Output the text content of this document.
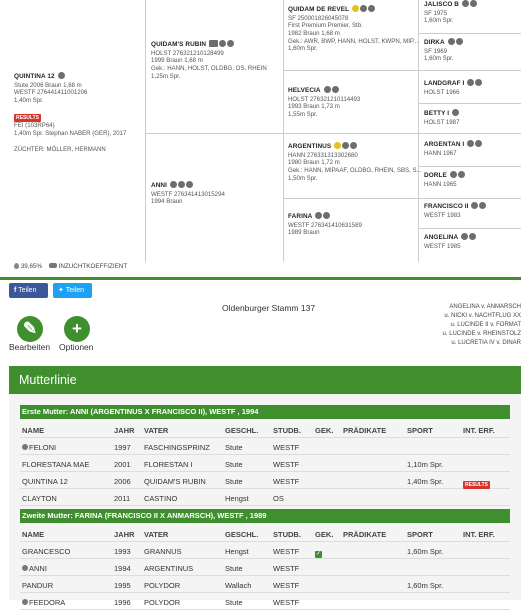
QUINTINA 12
Stute 2006 Braun 1,68 m
WESTF 276441411001206
1,40m Spr.
RESULTS
FEI (103RP64)
1,40m Spr. Stephan NABER (GER), 2017
ZÜCHTER: MÖLLER, HERMANN
QUIDAM'S RUBIN
HOLST 276321210128499
1999 Braun 1,68 m
Gek.: HANN, HOLST, OLDBG, OS, RHEIN
1,25m Spr.
ANNI
WESTF 276341413015294
1994 Braun
QUIDAM DE REVEL
SF 250001826045078
First Premium Premier, Stb.
1982 Braun 1,68 m
Gek.: AWR, BWP, HANN, HOLST, KWPN, MIP...
1,60m Spr.
HELVECIA
HOLST 276321210114493
1993 Braun 1,73 m
1,55m Spr.
ARGENTINUS
HANN 276331313302680
1980 Braun 1,72 m
Gek.: HANN, MIPAAF, OLDBG, RHEIN, SBS, S...
1,50m Spr.
FARINA
WESTF 276341410631589
1989 Braun
JALISCO B
SF 1975
1,60m Spr.
DIRKA
SF 1969
1,60m Spr.
LANDGRAF I
HOLST 1966
BETTY I
HOLST 1987
ARGENTAN I
HANN 1967
DORLE
HANN 1965
FRANCISCO II
WESTF 1983
ANGELINA
WESTF 1985
39,65%	INZUCHTKOEFFIZIENT
f Teilen	✦ Teilen
✎
Bearbeiten
+
Optionen
Oldenburger Stamm 137	ANGELINA v. ANMARSCH
u. NICKI v. NACHTFLUG XX
u. LUCINDE II v. FORMAT
u. LUCINDE v. RHEINSTOLZ
u. LUCRETIA IV v. DINAR
Mutterlinie
Erste Mutter: ANNI (ARGENTINUS X FRANCISCO II), WESTF , 1994
NAME	JAHR VATER	GESCHL. STUDB. GEK. PRÄDIKATE	SPORT	INT. ERF.
FELONI	1997 FASCHINGSPRINZ Stute	WESTF
FLORESTANA MAE	2001 FLORESTAN I	Stute	WESTF	1,10m Spr.
QUINTINA 12	2006 QUIDAM'S RUBIN	Stute	WESTF	1,40m Spr.	RESULTS
CLAYTON	2011 CASTINO	Hengst	OS
Zweite Mutter: FARINA (FRANCISCO II X ANMARSCH), WESTF , 1989
NAME	JAHR VATER	GESCHL. STUDB. GEK. PRÄDIKATE	SPORT	INT. ERF.
GRANCESCO	1993 GRANNUS	Hengst	WESTF	✓	1,60m Spr.
ANNI	1994 ARGENTINUS	Stute	WESTF
PANDUR	1995 POLYDOR	Wallach	WESTF	1,60m Spr.
FEEDORA	1996 POLYDOR	Stute	WESTF
